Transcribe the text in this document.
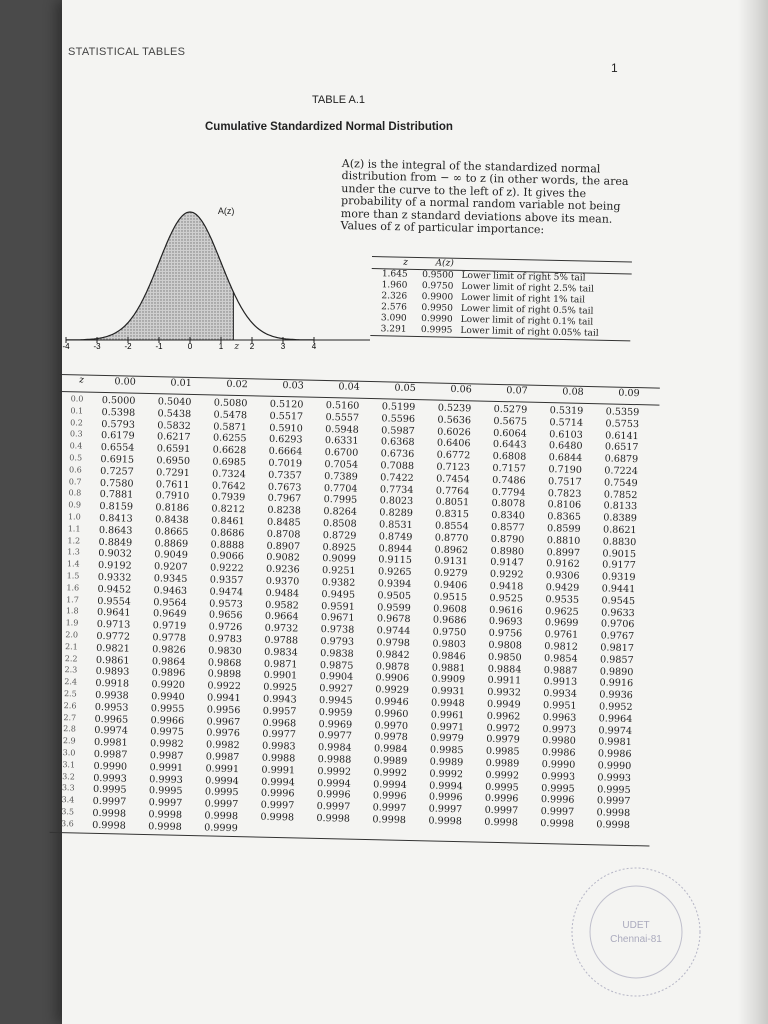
STATISTICAL TABLES
1
TABLE A.1
Cumulative Standardized Normal Distribution
A(z) is the integral of the standardized normal distribution from − ∞ to z (in other words, the area under the curve to the left of z). It gives the probability of a normal random variable not being more than z standard deviations above its mean. Values of z of particular importance:
-4	-3	-2	-1	0	1	2	3	4
A(z)
z
z	A(z)
1.645	0.9500 Lower limit of right 5% tail
1.960	0.9750 Lower limit of right 2.5% tail
2.326	0.9900 Lower limit of right 1% tail
2.576	0.9950 Lower limit of right 0.5% tail
3.090	0.9990 Lower limit of right 0.1% tail
3.291	0.9995 Lower limit of right 0.05% tail
z	0.00	0.01	0.02	0.03	0.04	0.05	0.06	0.07	0.08	0.09
0.0	0.5000	0.5040	0.5080	0.5120	0.5160	0.5199	0.5239	0.5279	0.5319	0.5359
0.1	0.5398	0.5438	0.5478	0.5517	0.5557	0.5596	0.5636	0.5675	0.5714	0.5753
0.2	0.5793	0.5832	0.5871	0.5910	0.5948	0.5987	0.6026	0.6064	0.6103	0.6141
0.3	0.6179	0.6217	0.6255	0.6293	0.6331	0.6368	0.6406	0.6443	0.6480	0.6517
0.4	0.6554	0.6591	0.6628	0.6664	0.6700	0.6736	0.6772	0.6808	0.6844	0.6879
0.5	0.6915	0.6950	0.6985	0.7019	0.7054	0.7088	0.7123	0.7157	0.7190	0.7224
0.6	0.7257	0.7291	0.7324	0.7357	0.7389	0.7422	0.7454	0.7486	0.7517	0.7549
0.7	0.7580	0.7611	0.7642	0.7673	0.7704	0.7734	0.7764	0.7794	0.7823	0.7852
0.8	0.7881	0.7910	0.7939	0.7967	0.7995	0.8023	0.8051	0.8078	0.8106	0.8133
0.9	0.8159	0.8186	0.8212	0.8238	0.8264	0.8289	0.8315	0.8340	0.8365	0.8389
1.0	0.8413	0.8438	0.8461	0.8485	0.8508	0.8531	0.8554	0.8577	0.8599	0.8621
1.1	0.8643	0.8665	0.8686	0.8708	0.8729	0.8749	0.8770	0.8790	0.8810	0.8830
1.2	0.8849	0.8869	0.8888	0.8907	0.8925	0.8944	0.8962	0.8980	0.8997	0.9015
1.3	0.9032	0.9049	0.9066	0.9082	0.9099	0.9115	0.9131	0.9147	0.9162	0.9177
1.4	0.9192	0.9207	0.9222	0.9236	0.9251	0.9265	0.9279	0.9292	0.9306	0.9319
1.5	0.9332	0.9345	0.9357	0.9370	0.9382	0.9394	0.9406	0.9418	0.9429	0.9441
1.6	0.9452	0.9463	0.9474	0.9484	0.9495	0.9505	0.9515	0.9525	0.9535	0.9545
1.7	0.9554	0.9564	0.9573	0.9582	0.9591	0.9599	0.9608	0.9616	0.9625	0.9633
1.8	0.9641	0.9649	0.9656	0.9664	0.9671	0.9678	0.9686	0.9693	0.9699	0.9706
1.9	0.9713	0.9719	0.9726	0.9732	0.9738	0.9744	0.9750	0.9756	0.9761	0.9767
2.0	0.9772	0.9778	0.9783	0.9788	0.9793	0.9798	0.9803	0.9808	0.9812	0.9817
2.1	0.9821	0.9826	0.9830	0.9834	0.9838	0.9842	0.9846	0.9850	0.9854	0.9857
2.2	0.9861	0.9864	0.9868	0.9871	0.9875	0.9878	0.9881	0.9884	0.9887	0.9890
2.3	0.9893	0.9896	0.9898	0.9901	0.9904	0.9906	0.9909	0.9911	0.9913	0.9916
2.4	0.9918	0.9920	0.9922	0.9925	0.9927	0.9929	0.9931	0.9932	0.9934	0.9936
2.5	0.9938	0.9940	0.9941	0.9943	0.9945	0.9946	0.9948	0.9949	0.9951	0.9952
2.6	0.9953	0.9955	0.9956	0.9957	0.9959	0.9960	0.9961	0.9962	0.9963	0.9964
2.7	0.9965	0.9966	0.9967	0.9968	0.9969	0.9970	0.9971	0.9972	0.9973	0.9974
2.8	0.9974	0.9975	0.9976	0.9977	0.9977	0.9978	0.9979	0.9979	0.9980	0.9981
2.9	0.9981	0.9982	0.9982	0.9983	0.9984	0.9984	0.9985	0.9985	0.9986	0.9986
3.0	0.9987	0.9987	0.9987	0.9988	0.9988	0.9989	0.9989	0.9989	0.9990	0.9990
3.1	0.9990	0.9991	0.9991	0.9991	0.9992	0.9992	0.9992	0.9992	0.9993	0.9993
3.2	0.9993	0.9993	0.9994	0.9994	0.9994	0.9994	0.9994	0.9995	0.9995	0.9995
3.3	0.9995	0.9995	0.9995	0.9996	0.9996	0.9996	0.9996	0.9996	0.9996	0.9997
3.4	0.9997	0.9997	0.9997	0.9997	0.9997	0.9997	0.9997	0.9997	0.9997	0.9998
3.5	0.9998	0.9998	0.9998	0.9998	0.9998	0.9998	0.9998	0.9998	0.9998	0.9998
3.6	0.9998	0.9998	0.9999
UDET
Chennai-81
